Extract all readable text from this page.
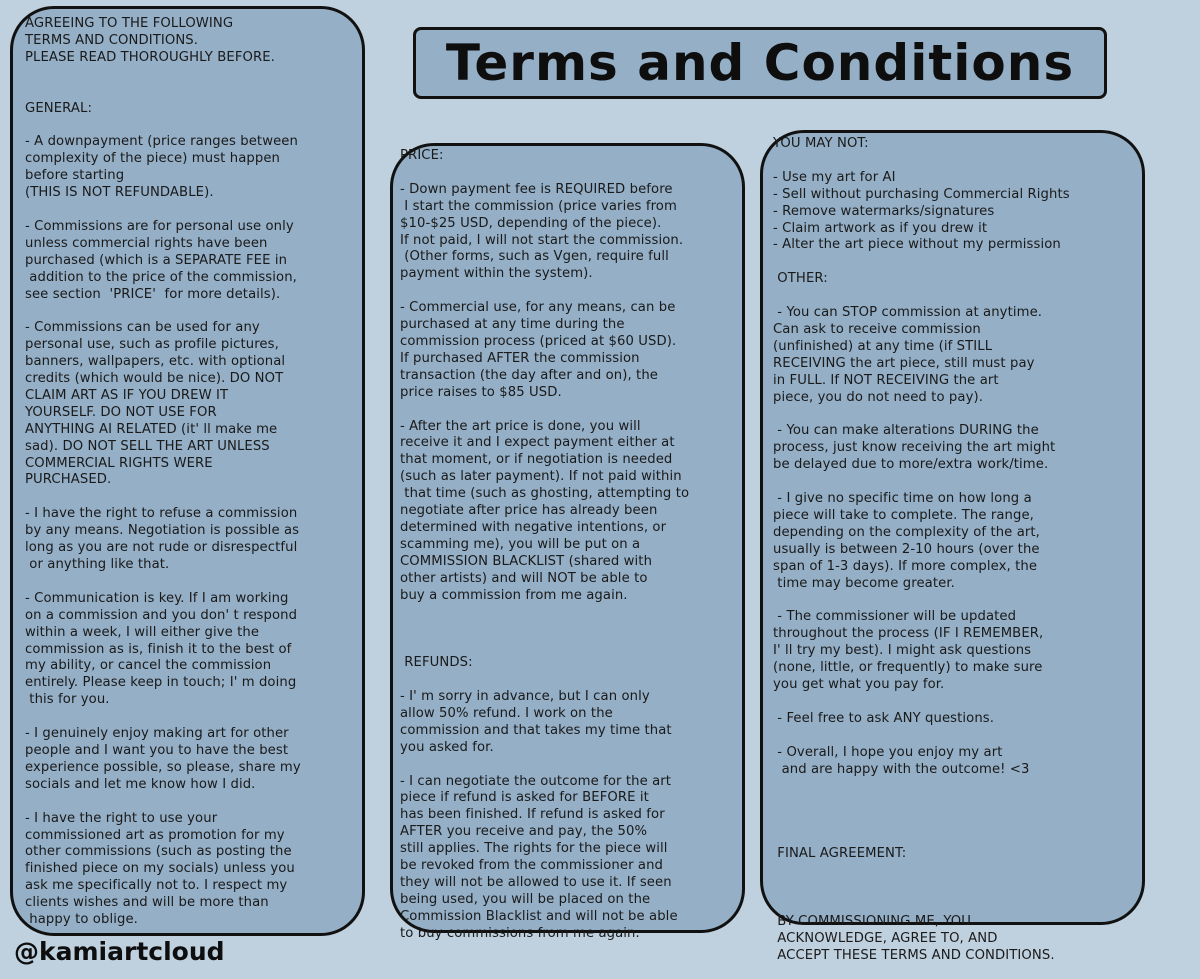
AGREEING TO THE FOLLOWING
TERMS AND CONDITIONS.
PLEASE READ THOROUGHLY BEFORE.

GENERAL:

- A downpayment (price ranges between
complexity of the piece) must happen
before starting
(THIS IS NOT REFUNDABLE).

- Commissions are for personal use only
unless commercial rights have been
purchased (which is a SEPARATE FEE in
addition to the price of the commission,
see section  'PRICE'  for more details).

- Commissions can be used for any
personal use, such as profile pictures,
banners, wallpapers, etc. with optional
credits (which would be nice). DO NOT
CLAIM ART AS IF YOU DREW IT
YOURSELF. DO NOT USE FOR
ANYTHING AI RELATED (it' ll make me
sad). DO NOT SELL THE ART UNLESS
COMMERCIAL RIGHTS WERE
PURCHASED.

- I have the right to refuse a commission
by any means. Negotiation is possible as
long as you are not rude or disrespectful
or anything like that.

- Communication is key. If I am working
on a commission and you don' t respond
within a week, I will either give the
commission as is, finish it to the best of
my ability, or cancel the commission
entirely. Please keep in touch; I' m doing
this for you.

- I genuinely enjoy making art for other
people and I want you to have the best
experience possible, so please, share my
socials and let me know how I did.

- I have the right to use your
commissioned art as promotion for my
other commissions (such as posting the
finished piece on my socials) unless you
ask me specifically not to. I respect my
clients wishes and will be more than
happy to oblige.
Terms and Conditions
PRICE:

- Down payment fee is REQUIRED before
I start the commission (price varies from
$10-$25 USD, depending of the piece).
If not paid, I will not start the commission.
(Other forms, such as Vgen, require full
payment within the system).

- Commercial use, for any means, can be
purchased at any time during the
commission process (priced at $60 USD).
If purchased AFTER the commission
transaction (the day after and on), the
price raises to $85 USD.

- After the art price is done, you will
receive it and I expect payment either at
that moment, or if negotiation is needed
(such as later payment). If not paid within
that time (such as ghosting, attempting to
negotiate after price has already been
determined with negative intentions, or
scamming me), you will be put on a
COMMISSION BLACKLIST (shared with
other artists) and will NOT be able to
buy a commission from me again.

REFUNDS:

- I' m sorry in advance, but I can only
allow 50% refund. I work on the
commission and that takes my time that
you asked for.

- I can negotiate the outcome for the art
piece if refund is asked for BEFORE it
has been finished. If refund is asked for
AFTER you receive and pay, the 50%
still applies. The rights for the piece will
be revoked from the commissioner and
they will not be allowed to use it. If seen
being used, you will be placed on the
Commission Blacklist and will not be able
to buy commissions from me again.
YOU MAY NOT:

- Use my art for AI
- Sell without purchasing Commercial Rights
- Remove watermarks/signatures
- Claim artwork as if you drew it
- Alter the art piece without my permission

OTHER:

- You can STOP commission at anytime.
Can ask to receive commission
(unfinished) at any time (if STILL
RECEIVING the art piece, still must pay
in FULL. If NOT RECEIVING the art
piece, you do not need to pay).

- You can make alterations DURING the
process, just know receiving the art might
be delayed due to more/extra work/time.

- I give no specific time on how long a
piece will take to complete. The range,
depending on the complexity of the art,
usually is between 2-10 hours (over the
span of 1-3 days). If more complex, the
time may become greater.

- The commissioner will be updated
throughout the process (IF I REMEMBER,
I' ll try my best). I might ask questions
(none, little, or frequently) to make sure
you get what you pay for.

- Feel free to ask ANY questions.

- Overall, I hope you enjoy my art
and are happy with the outcome! <3

FINAL AGREEMENT:

BY COMMISSIONING ME, YOU
ACKNOWLEDGE, AGREE TO, AND
ACCEPT THESE TERMS AND CONDITIONS.
@kamiartcloud
